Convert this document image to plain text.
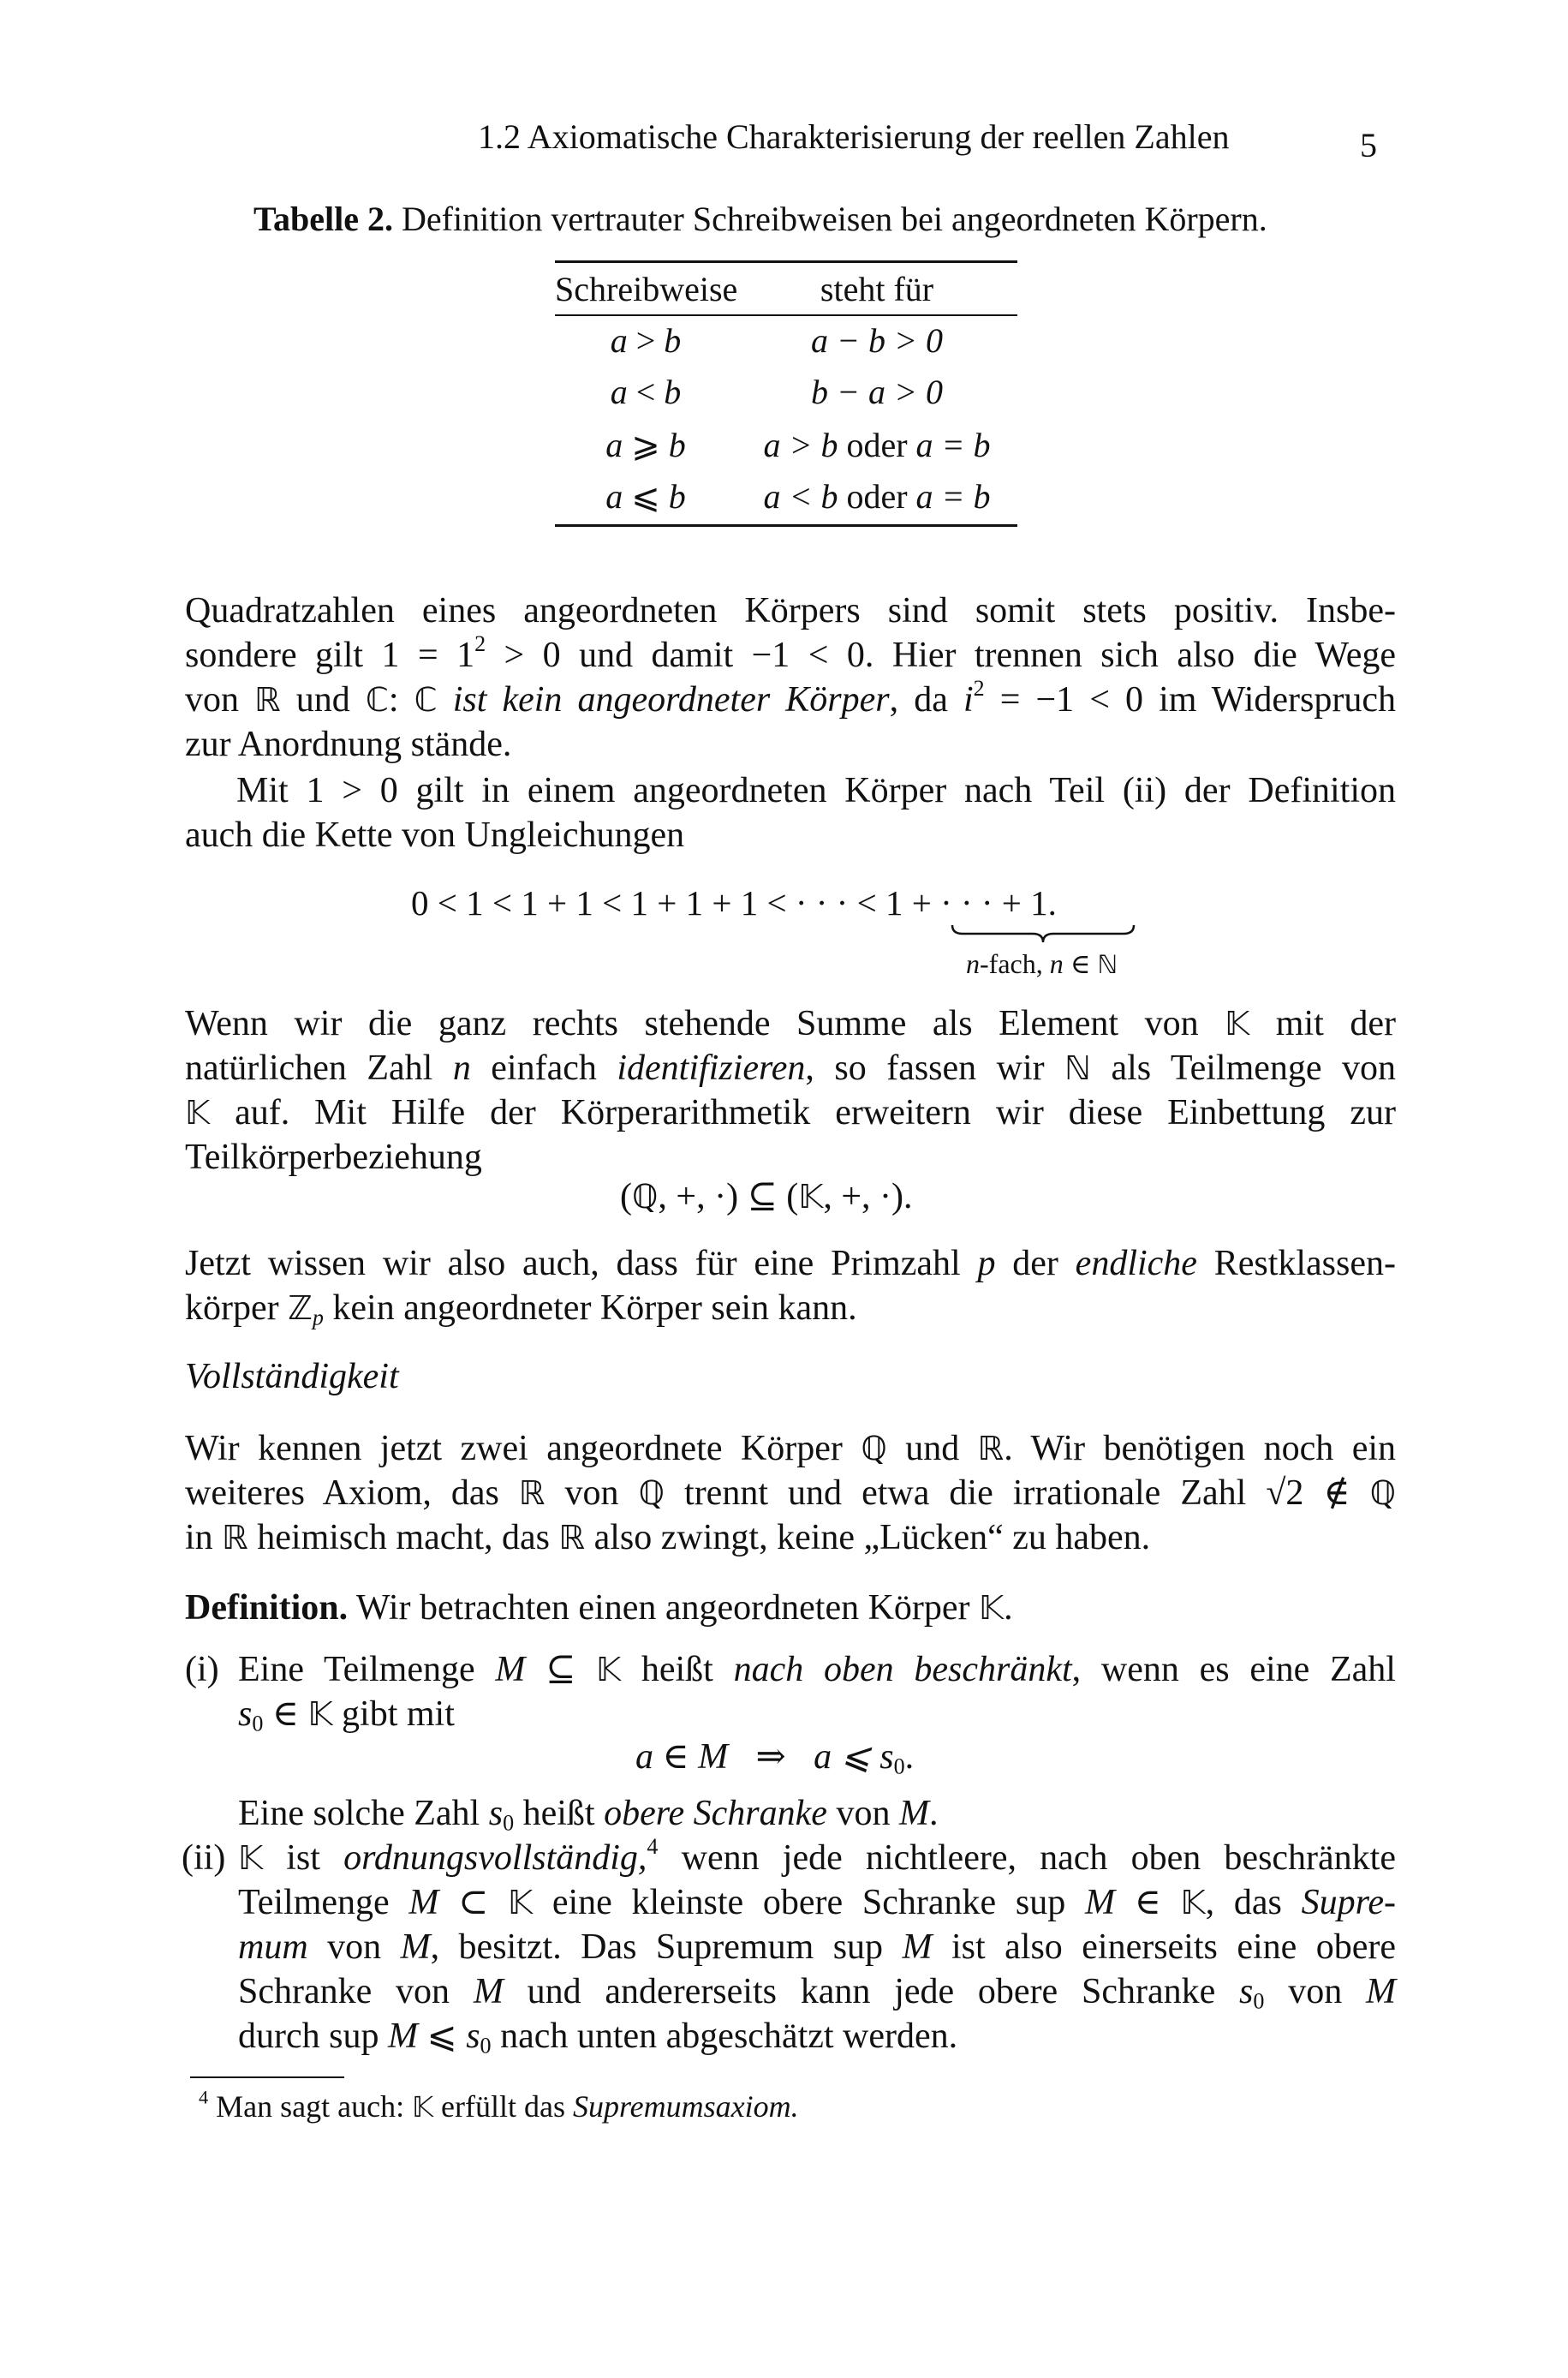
1.2 Axiomatische Charakterisierung der reellen Zahlen	5
Tabelle 2. Definition vertrauter Schreibweisen bei angeordneten Körpern.
Schreibweise	steht für
a > b	a − b > 0
a < b	b − a > 0
a ⩾ b	a > b oder a = b
a ⩽ b	a < b oder a = b
Quadratzahlen eines angeordneten Körpers sind somit stets positiv. Insbe-
sondere gilt $1 = 1^2 > 0$ und damit −1 < 0. Hier trennen sich also die Wege
von ℝ und ℂ: ℂ ist kein angeordneter Körper, da $i^2 = -1 < 0$ im Widerspruch
zur Anordnung stände.
Mit 1 > 0 gilt in einem angeordneten Körper nach Teil (ii) der Definition
auch die Kette von Ungleichungen
0 < 1 < 1 + 1 < 1 + 1 + 1 < · · · < 1 + · · · + 1.
n-fach, n ∈ ℕ
Wenn wir die ganz rechts stehende Summe als Element von 𝕂 mit der
natürlichen Zahl n einfach identifizieren, so fassen wir ℕ als Teilmenge von
𝕂 auf. Mit Hilfe der Körperarithmetik erweitern wir diese Einbettung zur
Teilkörperbeziehung
(ℚ, +, ·) ⊆ (𝕂, +, ·).
Jetzt wissen wir also auch, dass für eine Primzahl p der endliche Restklassen-
körper ℤ$_p$ kein angeordneter Körper sein kann.
Vollständigkeit
Wir kennen jetzt zwei angeordnete Körper ℚ und ℝ. Wir benötigen noch ein
weiteres Axiom, das ℝ von ℚ trennt und etwa die irrationale Zahl √2 ∉ ℚ
in ℝ heimisch macht, das ℝ also zwingt, keine „Lücken“ zu haben.
Definition. Wir betrachten einen angeordneten Körper 𝕂.
(i) Eine Teilmenge M ⊆ 𝕂 heißt nach oben beschränkt, wenn es eine Zahl
$s_0$ ∈ 𝕂 gibt mit
a ∈ M ⇒ a ⩽ $s_0$.
Eine solche Zahl $s_0$ heißt obere Schranke von M.
(ii) 𝕂 ist ordnungsvollständig,$^4$ wenn jede nichtleere, nach oben beschränkte
Teilmenge M ⊂ 𝕂 eine kleinste obere Schranke sup M ∈ 𝕂, das Supre-
mum von M, besitzt. Das Supremum sup M ist also einerseits eine obere
Schranke von M und andererseits kann jede obere Schranke $s_0$ von M
durch sup M ⩽ $s_0$ nach unten abgeschätzt werden.
$^4$ Man sagt auch: 𝕂 erfüllt das Supremumsaxiom.
